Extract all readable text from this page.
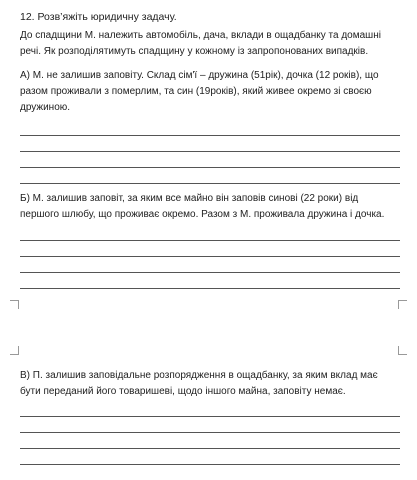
12. Розв’яжіть юридичну задачу.

До спадщини М. належить автомобіль, дача, вклади в ощадбанку та домашні речі. Як розподілятимуть спадщину у кожному із запропонованих випадків.

А) М. не залишив заповіту. Склад сім'ї – дружина (51рік), дочка (12 років), що разом проживали з померлим, та син (19років), який живее окремо зі своєю дружиною.

Б) М. залишив заповіт, за яким все майно він заповів синові (22 роки) від першого шлюбу, що проживає окремо. Разом з М. проживала дружина і дочка.

В) П. залишив заповідальне розпорядження в ощадбанку, за яким вклад має бути переданий його товаришеві, щодо іншого майна, заповіту немає.
